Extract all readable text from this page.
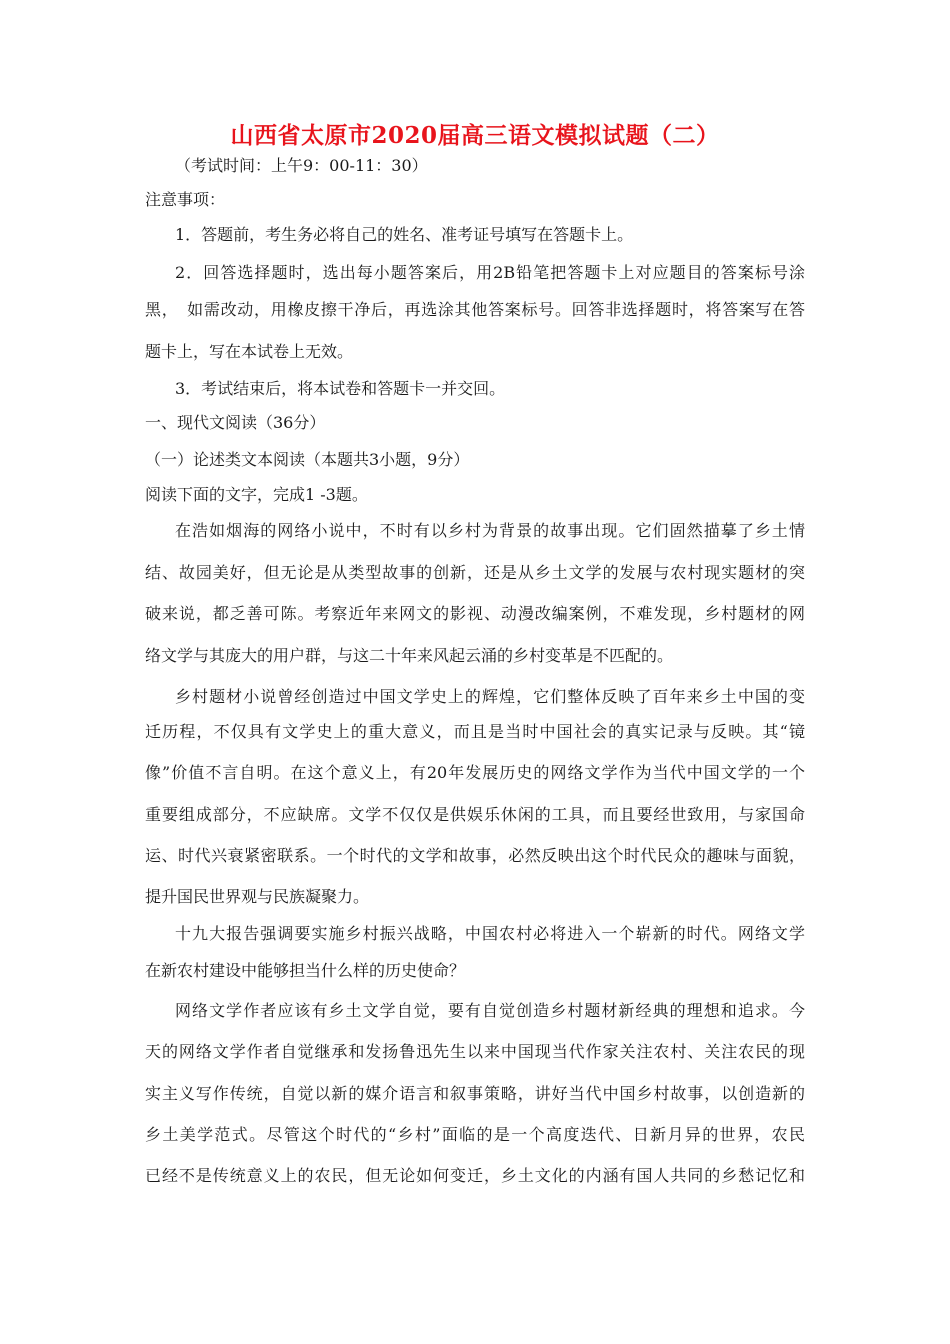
山西省太原市2020届高三语文模拟试题（二）
（考试时间：上午9：00-11：30）
注意事项：
1．答题前，考生务必将自己的姓名、准考证号填写在答题卡上。
2．回答选择题时，选出每小题答案后，用2B铅笔把答题卡上对应题目的答案标号涂
黑，　如需改动，用橡皮擦干净后，再选涂其他答案标号。回答非选择题时，将答案写在答
题卡上，写在本试卷上无效。
3．考试结束后，将本试卷和答题卡一并交回。
一、现代文阅读（36分）
（一）论述类文本阅读（本题共3小题，9分）
阅读下面的文字，完成1 -3题。
在浩如烟海的网络小说中，不时有以乡村为背景的故事出现。它们固然描摹了乡土情
结、故园美好，但无论是从类型故事的创新，还是从乡土文学的发展与农村现实题材的突
破来说，都乏善可陈。考察近年来网文的影视、动漫改编案例，不难发现，乡村题材的网
络文学与其庞大的用户群，与这二十年来风起云涌的乡村变革是不匹配的。
乡村题材小说曾经创造过中国文学史上的辉煌，它们整体反映了百年来乡土中国的变
迁历程，不仅具有文学史上的重大意义，而且是当时中国社会的真实记录与反映。其“镜
像”价值不言自明。在这个意义上，有20年发展历史的网络文学作为当代中国文学的一个
重要组成部分，不应缺席。文学不仅仅是供娱乐休闲的工具，而且要经世致用，与家国命
运、时代兴衰紧密联系。一个时代的文学和故事，必然反映出这个时代民众的趣味与面貌，
提升国民世界观与民族凝聚力。
十九大报告强调要实施乡村振兴战略，中国农村必将进入一个崭新的时代。网络文学
在新农村建设中能够担当什么样的历史使命？
网络文学作者应该有乡土文学自觉，要有自觉创造乡村题材新经典的理想和追求。今
天的网络文学作者自觉继承和发扬鲁迅先生以来中国现当代作家关注农村、关注农民的现
实主义写作传统，自觉以新的媒介语言和叙事策略，讲好当代中国乡村故事，以创造新的
乡土美学范式。尽管这个时代的“乡村”面临的是一个高度迭代、日新月异的世界，农民
已经不是传统意义上的农民，但无论如何变迁，乡土文化的内涵有国人共同的乡愁记忆和
